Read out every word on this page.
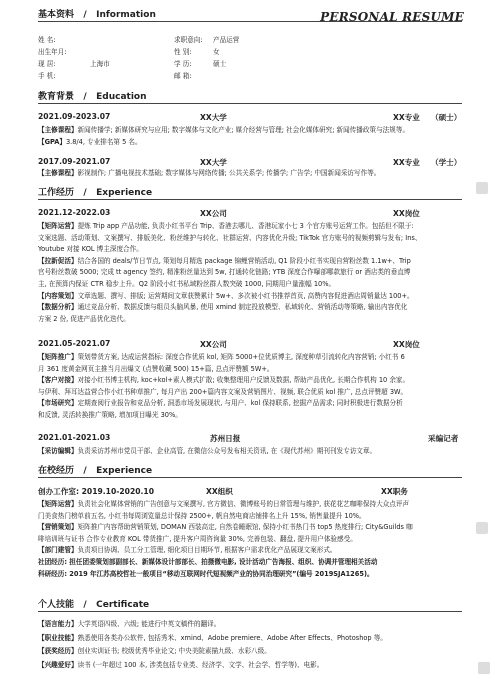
基本资料 / Information	PERSONAL RESUME
姓 名:
出生年月:
现 居:	上海市
手 机:
求职意向: 产品运营
性 别:	女
学 历:	硕士
邮 箱:
教育背景 / Education
2021.09-2023.07	XX大学	XX专业 （硕士）
【主修课程】新闻传播学; 新媒体研究与应用; 数字媒体与文化产业; 媒介经营与管理; 社会化媒体研究; 新闻传播政策与法规等。
【GPA】3.8/4, 专业排名第 5 名。
2017.09-2021.07	XX大学	XX专业 （学士）
【主修课程】影视制作; 广播电视技术基础; 数字媒体与网络传播; 公共关系学; 传播学; 广告学; 中国新闻采访写作等。
工作经历 / Experience
2021.12-2022.03	XX公司	XX岗位
【矩阵运营】提炼 Trip app 产品功能, 负责小红书平台 Trip、香港去哪儿、香港玩家小七 3 个官方账号运营工作。包括但不限于:
文案选题、活动策划、文案撰写、排版美化、粉丝维护与转化、社群运营、内容优化升级; TikTok 官方账号的视频剪辑与发布; Ins、
Youtube 对接 KOL 博主深度合作。
【拉新促活】结合各国的 deals/节日节点, 策划每月精选 package 锦鲤营销活动, Q1 阶段小红书实现自营粉丝数 1.1w+、Trip
官号粉丝数破 5000; 完成 tt agency 签约, 精准粉丝量达到 5w, 打通转化链路; YTB 深度合作曝部哪款旅行 or 酒店类的垂直博
主, 在预算内保证 CTR 稳步上升。Q2 阶段小红书私域粉丝群人数突破 1000, 同期用户量涨幅 10%。
【内容策划】文章选题、撰写、排版; 运营期间文章获赞累计 5w+、多次被小红书推荐首页, 高赞内容促进酒店周销量达 100+。
【数据分析】通过竞品分析、数据反馈与组员头脑风暴, 使用 xmind 制定投放模型、私域转化、营销活动等策略, 输出内容优化
方案 2 份, 促进产品优化迭代。
2021.05-2021.07	XX公司	XX岗位
【矩阵推广】策划带货方案, 达成运营指标: 深度合作优质 kol, 矩阵 5000+位优质博主, 深度种草引流转化内容营销; 小红书 6
月 361 度黄金网页主推当月出爆文 (点赞收藏 500) 15+篇, 总点评赞额 5W+。
【客户对接】对接小红书博主机构, koc+kol+素人模式扩散; 收集整理用户反馈及数据, 帮助产品优化, 长期合作机构 10 余家。
与伊利、拜耳达益营合作小红书种草推广, 每月产出 200+篇内容文案及营销图片、视频, 联合优质 kol 推广, 总点评赞超 3W。
【市场研究】定期查阅行业报告和竞品分析, 洞悉市场发展现状, 与用户、kol 保持联系, 挖掘产品需求; 同时积极进行数据分析
和反馈, 灵活转换推广策略, 增加项目曝光 30%。
2021.01-2021.03	苏州日报	采编记者
【采访编辑】负责采访苏州市党员干部、企业高管, 在微信公众号发布相关资讯, 在《现代苏州》期刊刊发专访文章。
在校经历 / Experience
创办工作室: 2019.10-2020.10	XX组织	XX职务
【矩阵运营】负责社会化媒体营销的广告创意与文案撰写, 官方微信、微博账号的日常管理与维护, 获花花艺咖啡保持大众点评声
门美食热门榜单前五名, 小红书每周浏览量总计保持 2500+, 帆自然电商店铺排名上升 15%, 销售量提升 10%。
【营销策划】矩阵推广内容帮助营销策划, DOMAN 西装高定, 自然卷睡眠馆, 保持小红书热门书 top5 热度排行; City&Guilds 咖
啡培训班与证书 合作专业教育 KOL 带货推广, 提升客户周咨询量 30%, 完善包装、翻盘, 提升用户体验感受。
【部门建管】负责项目协调、员工分工管理, 细化项目目期环节, 根据客户需求优化产品展现文案形式。
社团经历: 担任团委策划部副部长、新媒体设计部部长、拍摄微电影, 设计活动广告海报、组织、协调并管理相关活动
科研经历: 2019 年江苏高校哲社一般项目“移动互联网时代短视频产业的协同治理研究”(编号 2019SJA1265)。
个人技能 / Certificate
【语言能力】大学英语四级、六级; 能进行中英文稿件的翻译。
【职业技能】熟悉使用各类办公软件, 包括秀米、xmind、Adobe premiere、Adobe After Effects、Photoshop 等。
【获奖经历】创业实训证书; 校级优秀毕业论文; 中央美院素描九级、水彩八级。
【兴趣爱好】读书 (一年超过 100 本, 涉类包括专业类、经济学、文学、社会学、哲学等)、电影。
